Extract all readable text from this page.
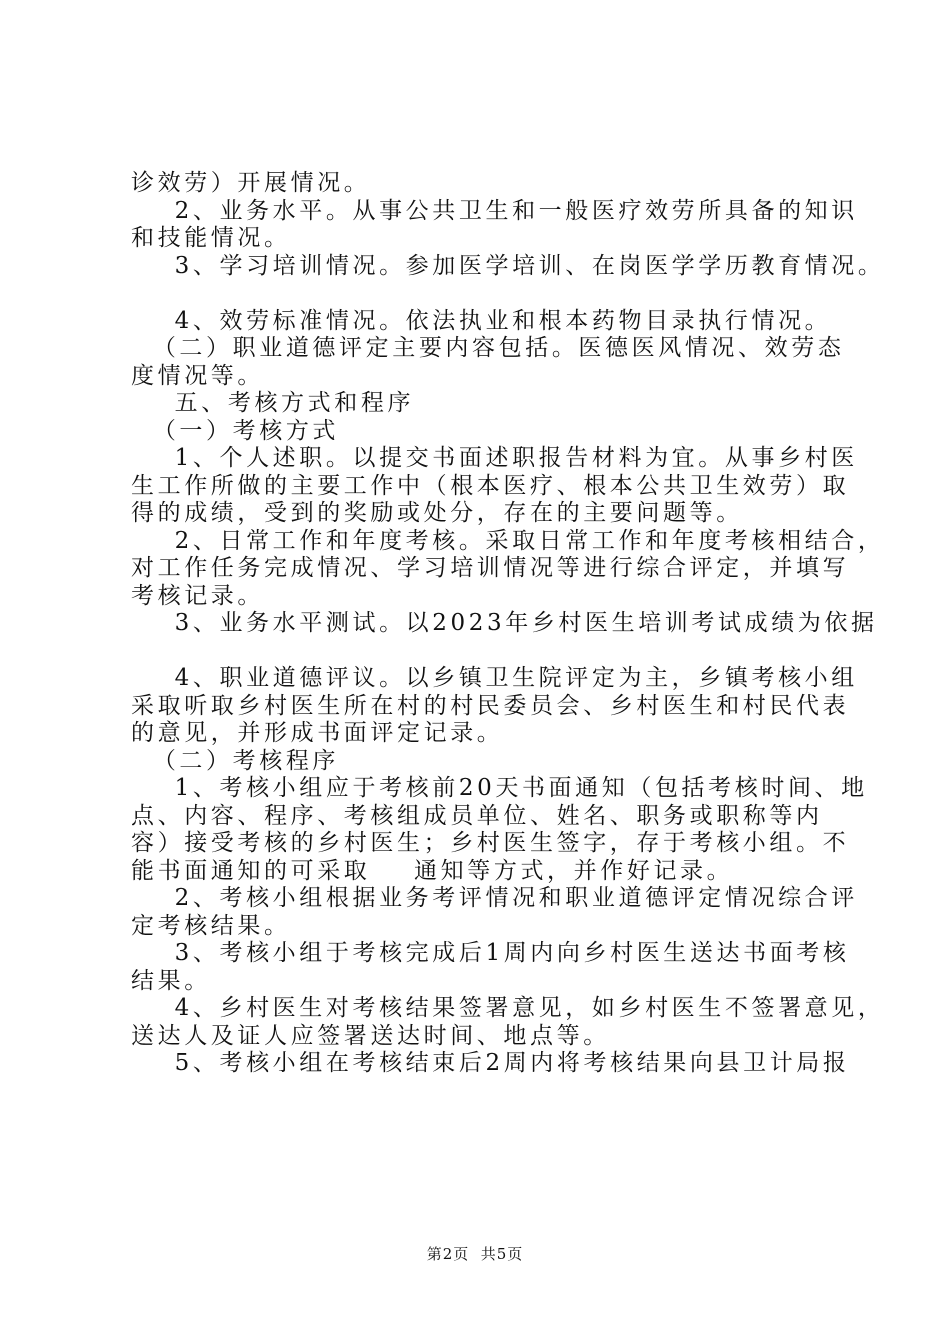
诊效劳）开展情况。
2、业务水平。从事公共卫生和一般医疗效劳所具备的知识
和技能情况。
3、学习培训情况。参加医学培训、在岗医学学历教育情况。
4、效劳标准情况。依法执业和根本药物目录执行情况。
（二）职业道德评定主要内容包括。医德医风情况、效劳态
度情况等。
五、考核方式和程序
（一）考核方式
1、个人述职。以提交书面述职报告材料为宜。从事乡村医
生工作所做的主要工作中（根本医疗、根本公共卫生效劳）取
得的成绩，受到的奖励或处分，存在的主要问题等。
2、日常工作和年度考核。采取日常工作和年度考核相结合，
对工作任务完成情况、学习培训情况等进行综合评定，并填写
考核记录。
3、业务水平测试。以2023年乡村医生培训考试成绩为依据
4、职业道德评议。以乡镇卫生院评定为主，乡镇考核小组
采取听取乡村医生所在村的村民委员会、乡村医生和村民代表
的意见，并形成书面评定记录。
（二）考核程序
1、考核小组应于考核前20天书面通知（包括考核时间、地
点、内容、程序、考核组成员单位、姓名、职务或职称等内
容）接受考核的乡村医生；乡村医生签字，存于考核小组。不
能书面通知的可采取    通知等方式，并作好记录。
2、考核小组根据业务考评情况和职业道德评定情况综合评
定考核结果。
3、考核小组于考核完成后1周内向乡村医生送达书面考核
结果。
4、乡村医生对考核结果签署意见，如乡村医生不签署意见，
送达人及证人应签署送达时间、地点等。
5、考核小组在考核结束后2周内将考核结果向县卫计局报
第2页  共5页
